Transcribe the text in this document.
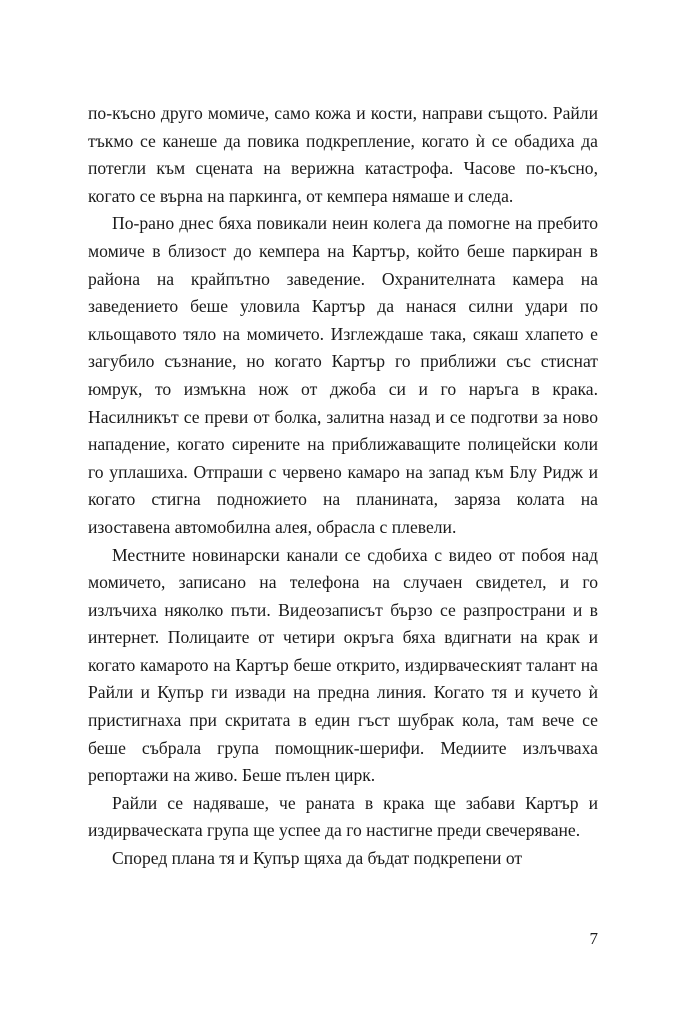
по-късно друго момиче, само кожа и кости, направи същото. Райли тъкмо се канеше да повика подкрепление, когато ѝ се обадиха да потегли към сцената на верижна катастрофа. Часове по-късно, когато се върна на паркинга, от кемпера нямаше и следа.

По-рано днес бяха повикали неин колега да помогне на пребито момиче в близост до кемпера на Картър, който беше паркиран в района на крайпътно заведение. Охранителната камера на заведението беше уловила Картър да нанася силни удари по кльощавото тяло на момичето. Изглеждаше така, сякаш хлапето е загубило съзнание, но когато Картър го приближи със стиснат юмрук, то измъкна нож от джоба си и го наръга в крака. Насилникът се преви от болка, залитна назад и се подготви за ново нападение, когато сирените на приближаващите полицейски коли го уплашиха. Отпраши с червено камаро на запад към Блу Ридж и когато стигна подножието на планината, заряза колата на изоставена автомобилна алея, обрасла с плевели.

Местните новинарски канали се сдобиха с видео от побоя над момичето, записано на телефона на случаен свидетел, и го излъчиха няколко пъти. Видеозаписът бързо се разпространи и в интернет. Полицаите от четири окръга бяха вдигнати на крак и когато камарото на Картър беше открито, издирваческият талант на Райли и Купър ги извади на предна линия. Когато тя и кучето ѝ пристигнаха при скритата в един гъст шубрак кола, там вече се беше събрала група помощник-шерифи. Медиите излъчваха репортажи на живо. Беше пълен цирк.

Райли се надяваше, че раната в крака ще забави Картър и издирваческата група ще успее да го настигне преди свечеряване.

Според плана тя и Купър щяха да бъдат подкрепени от

7
